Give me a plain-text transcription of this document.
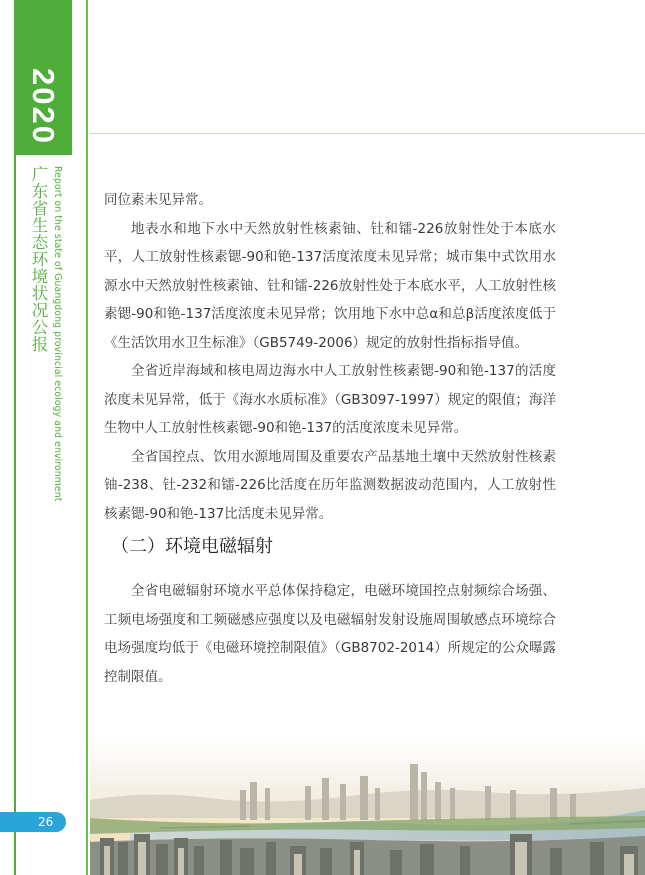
2020
广东省生态环境状况公报 Report on the state of Guangdong provincial ecology and environment	同位素未见异常。

地表水和地下水中天然放射性核素铀、钍和镭-226放射性处于本底水平，人工放射性核素锶-90和铯-137活度浓度未见异常；城市集中式饮用水源水中天然放射性核素铀、钍和镭-226放射性处于本底水平，人工放射性核素锶-90和铯-137活度浓度未见异常；饮用地下水中总α和总β活度浓度低于《生活饮用水卫生标准》（GB5749-2006）规定的放射性指标指导值。

全省近岸海域和核电周边海水中人工放射性核素锶-90和铯-137的活度浓度未见异常，低于《海水水质标准》（GB3097-1997）规定的限值；海洋生物中人工放射性核素锶-90和铯-137的活度浓度未见异常。

全省国控点、饮用水源地周围及重要农产品基地土壤中天然放射性核素铀-238、钍-232和镭-226比活度在历年监测数据波动范围内，人工放射性核素锶-90和铯-137比活度未见异常。

（二）环境电磁辐射

全省电磁辐射环境水平总体保持稳定，电磁环境国控点射频综合场强、工频电场强度和工频磁感应强度以及电磁辐射发射设施周围敏感点环境综合电场强度均低于《电磁环境控制限值》（GB8702-2014）所规定的公众曝露控制限值。

26
